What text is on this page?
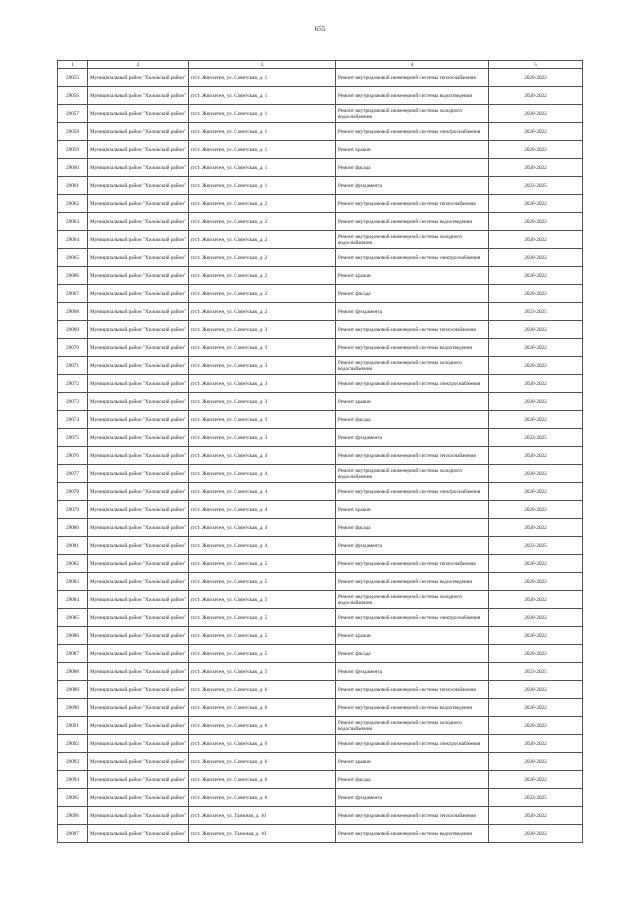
655
1	2	3	4	5
29055	Муниципальный район "Хилокский район"	п/ст. Жипхеген, ул. Советская, д. 1	Ремонт внутридомовой инженерной системы теплоснабжения	2020-2022
29056	Муниципальный район "Хилокский район"	п/ст. Жипхеген, ул. Советская, д. 1	Ремонт внутридомовой инженерной системы водоотведения	2020-2022
29057	Муниципальный район "Хилокский район"	п/ст. Жипхеген, ул. Советская, д. 1	Ремонт внутридомовой инженерной системы холодного водоснабжения	2020-2022
29058	Муниципальный район "Хилокский район"	п/ст. Жипхеген, ул. Советская, д. 1	Ремонт внутридомовой инженерной системы электроснабжения	2020-2022
29059	Муниципальный район "Хилокский район"	п/ст. Жипхеген, ул. Советская, д. 1	Ремонт крыши	2020-2022
29060	Муниципальный район "Хилокский район"	п/ст. Жипхеген, ул. Советская, д. 1	Ремонт фасада	2020-2022
29061	Муниципальный район "Хилокский район"	п/ст. Жипхеген, ул. Советская, д. 1	Ремонт фундамента	2023-2025
29062	Муниципальный район "Хилокский район"	п/ст. Жипхеген, ул. Советская, д. 2	Ремонт внутридомовой инженерной системы теплоснабжения	2020-2022
29063	Муниципальный район "Хилокский район"	п/ст. Жипхеген, ул. Советская, д. 2	Ремонт внутридомовой инженерной системы водоотведения	2020-2022
29064	Муниципальный район "Хилокский район"	п/ст. Жипхеген, ул. Советская, д. 2	Ремонт внутридомовой инженерной системы холодного водоснабжения	2020-2022
29065	Муниципальный район "Хилокский район"	п/ст. Жипхеген, ул. Советская, д. 2	Ремонт внутридомовой инженерной системы электроснабжения	2020-2022
29066	Муниципальный район "Хилокский район"	п/ст. Жипхеген, ул. Советская, д. 2	Ремонт крыши	2020-2022
29067	Муниципальный район "Хилокский район"	п/ст. Жипхеген, ул. Советская, д. 2	Ремонт фасада	2020-2022
29068	Муниципальный район "Хилокский район"	п/ст. Жипхеген, ул. Советская, д. 2	Ремонт фундамента	2023-2025
29069	Муниципальный район "Хилокский район"	п/ст. Жипхеген, ул. Советская, д. 3	Ремонт внутридомовой инженерной системы теплоснабжения	2020-2022
29070	Муниципальный район "Хилокский район"	п/ст. Жипхеген, ул. Советская, д. 3	Ремонт внутридомовой инженерной системы водоотведения	2020-2022
29071	Муниципальный район "Хилокский район"	п/ст. Жипхеген, ул. Советская, д. 3	Ремонт внутридомовой инженерной системы холодного водоснабжения	2020-2022
29072	Муниципальный район "Хилокский район"	п/ст. Жипхеген, ул. Советская, д. 3	Ремонт внутридомовой инженерной системы электроснабжения	2020-2022
29073	Муниципальный район "Хилокский район"	п/ст. Жипхеген, ул. Советская, д. 3	Ремонт крыши	2020-2022
29074	Муниципальный район "Хилокский район"	п/ст. Жипхеген, ул. Советская, д. 3	Ремонт фасада	2020-2022
29075	Муниципальный район "Хилокский район"	п/ст. Жипхеген, ул. Советская, д. 3	Ремонт фундамента	2023-2025
29076	Муниципальный район "Хилокский район"	п/ст. Жипхеген, ул. Советская, д. 4	Ремонт внутридомовой инженерной системы теплоснабжения	2020-2022
29077	Муниципальный район "Хилокский район"	п/ст. Жипхеген, ул. Советская, д. 4	Ремонт внутридомовой инженерной системы холодного водоснабжения	2020-2022
29078	Муниципальный район "Хилокский район"	п/ст. Жипхеген, ул. Советская, д. 4	Ремонт внутридомовой инженерной системы электроснабжения	2020-2022
29079	Муниципальный район "Хилокский район"	п/ст. Жипхеген, ул. Советская, д. 4	Ремонт крыши	2020-2022
29080	Муниципальный район "Хилокский район"	п/ст. Жипхеген, ул. Советская, д. 4	Ремонт фасада	2020-2022
29081	Муниципальный район "Хилокский район"	п/ст. Жипхеген, ул. Советская, д. 4	Ремонт фундамента	2023-2025
29082	Муниципальный район "Хилокский район"	п/ст. Жипхеген, ул. Советская, д. 5	Ремонт внутридомовой инженерной системы теплоснабжения	2020-2022
29083	Муниципальный район "Хилокский район"	п/ст. Жипхеген, ул. Советская, д. 5	Ремонт внутридомовой инженерной системы водоотведения	2020-2022
29084	Муниципальный район "Хилокский район"	п/ст. Жипхеген, ул. Советская, д. 5	Ремонт внутридомовой инженерной системы холодного водоснабжения	2020-2022
29085	Муниципальный район "Хилокский район"	п/ст. Жипхеген, ул. Советская, д. 5	Ремонт внутридомовой инженерной системы электроснабжения	2020-2022
29086	Муниципальный район "Хилокский район"	п/ст. Жипхеген, ул. Советская, д. 5	Ремонт крыши	2020-2022
29087	Муниципальный район "Хилокский район"	п/ст. Жипхеген, ул. Советская, д. 5	Ремонт фасада	2020-2022
29088	Муниципальный район "Хилокский район"	п/ст. Жипхеген, ул. Советская, д. 5	Ремонт фундамента	2023-2025
29089	Муниципальный район "Хилокский район"	п/ст. Жипхеген, ул. Советская, д. 6	Ремонт внутридомовой инженерной системы теплоснабжения	2020-2022
29090	Муниципальный район "Хилокский район"	п/ст. Жипхеген, ул. Советская, д. 6	Ремонт внутридомовой инженерной системы водоотведения	2020-2022
29091	Муниципальный район "Хилокский район"	п/ст. Жипхеген, ул. Советская, д. 6	Ремонт внутридомовой инженерной системы холодного водоснабжения	2020-2022
29092	Муниципальный район "Хилокский район"	п/ст. Жипхеген, ул. Советская, д. 6	Ремонт внутридомовой инженерной системы электроснабжения	2020-2022
29093	Муниципальный район "Хилокский район"	п/ст. Жипхеген, ул. Советская, д. 6	Ремонт крыши	2020-2022
29094	Муниципальный район "Хилокский район"	п/ст. Жипхеген, ул. Советская, д. 6	Ремонт фасада	2020-2022
29095	Муниципальный район "Хилокский район"	п/ст. Жипхеген, ул. Советская, д. 6	Ремонт фундамента	2023-2025
29096	Муниципальный район "Хилокский район"	п/ст. Жипхеген, ул. Таежная, д. 10	Ремонт внутридомовой инженерной системы теплоснабжения	2020-2022
29097	Муниципальный район "Хилокский район"	п/ст. Жипхеген, ул. Таежная, д. 10	Ремонт внутридомовой инженерной системы водоотведения	2020-2022
